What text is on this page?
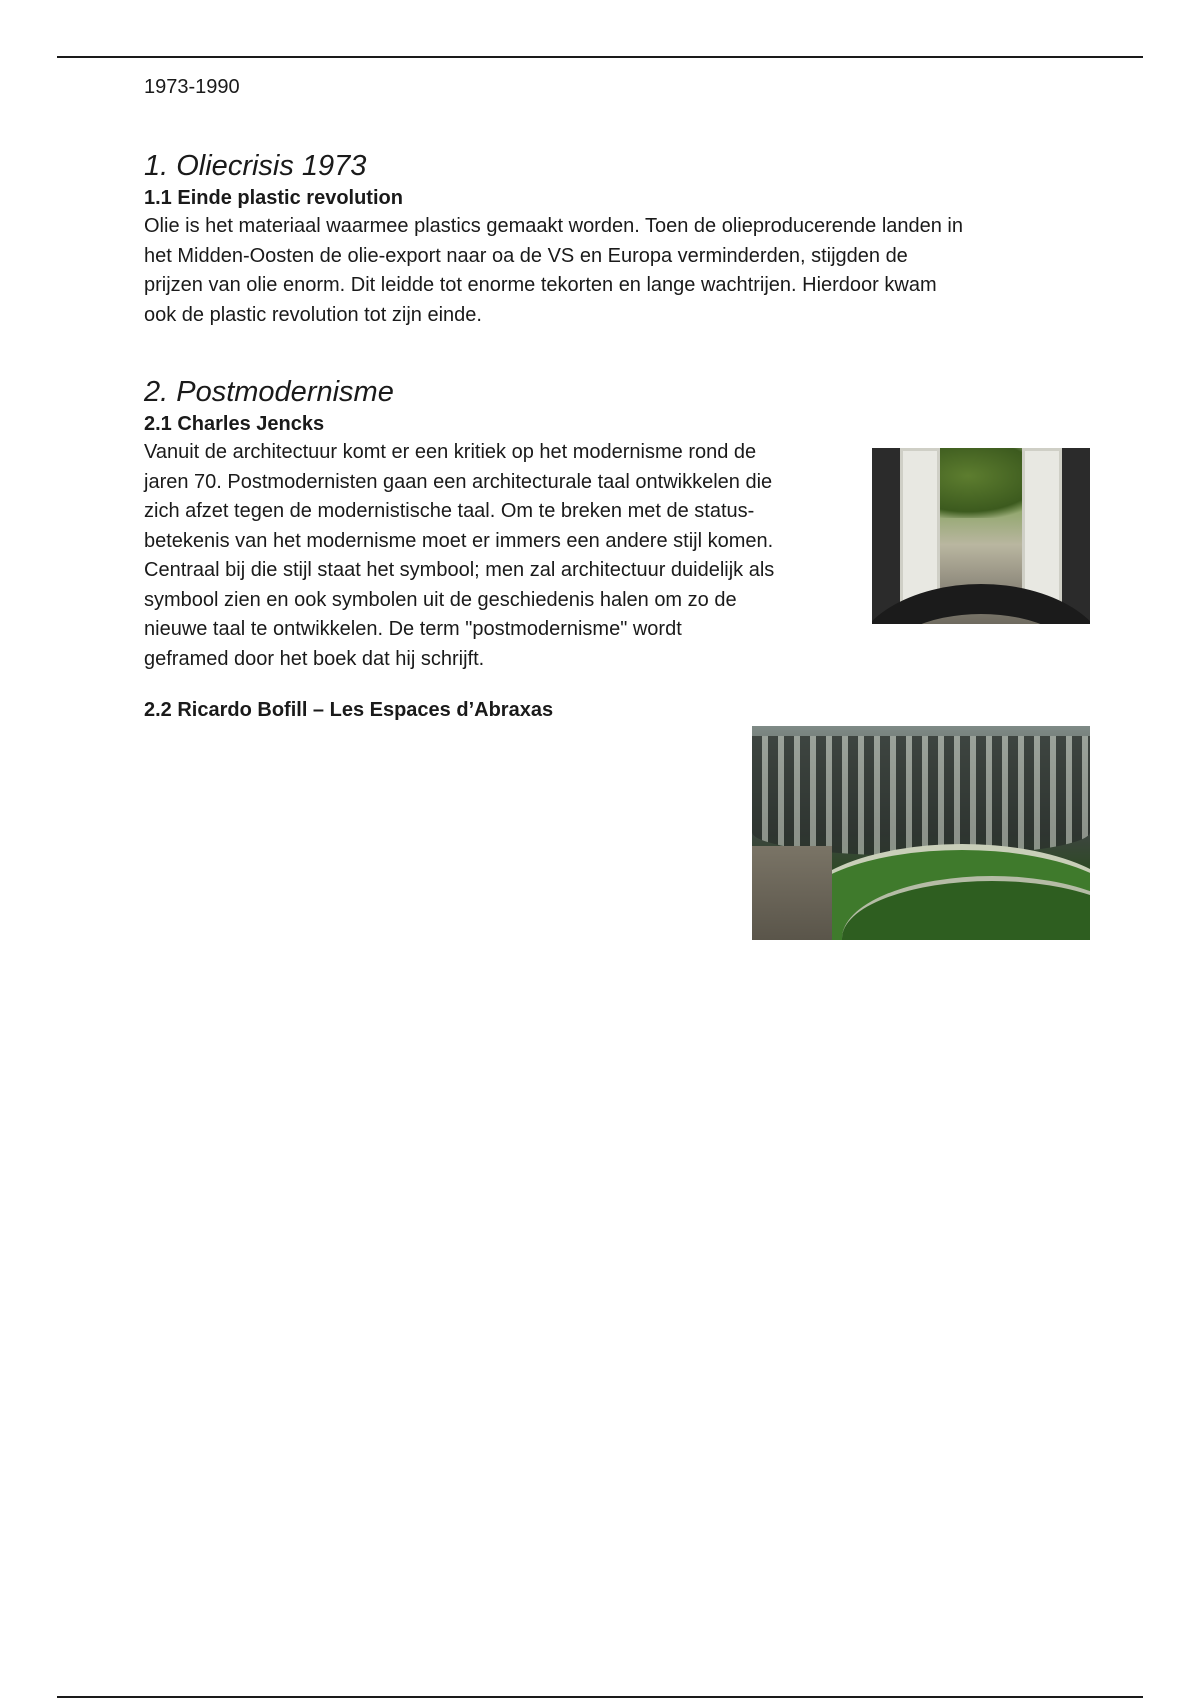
1973-1990

1. Oliecrisis 1973
1.1 Einde plastic revolution

Olie is het materiaal waarmee plastics gemaakt worden. Toen de olieproducerende landen in
het Midden-Oosten de olie-export naar oa de VS en Europa verminderden, stijgden de
prijzen van olie enorm. Dit leidde tot enorme tekorten en lange wachtrijen. Hierdoor kwam
ook de plastic revolution tot zijn einde.

2. Postmodernisme
2.1 Charles Jencks

Vanuit de architectuur komt er een kritiek op het modernisme rond de
jaren 70. Postmodernisten gaan een architecturale taal ontwikkelen die
zich afzet tegen de modernistische taal. Om te breken met de status-
betekenis van het modernisme moet er immers een andere stijl komen.
Centraal bij die stijl staat het symbool; men zal architectuur duidelijk als
symbool zien en ook symbolen uit de geschiedenis halen om zo de
nieuwe taal te ontwikkelen. De term "postmodernisme" wordt
geframed door het boek dat hij schrijft.

2.2 Ricardo Bofill – Les Espaces d’Abraxas
